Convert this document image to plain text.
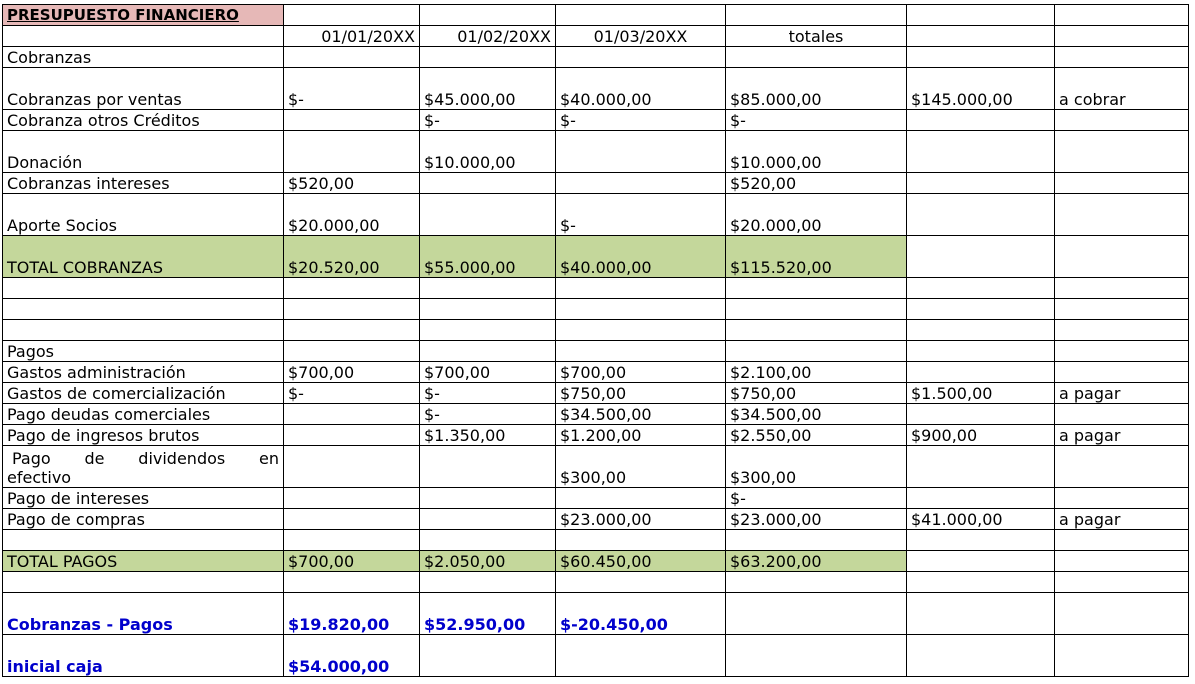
PRESUPUESTO FINANCIERO						
	01/01/20XX	01/02/20XX	01/03/20XX	totales		
Cobranzas						
Cobranzas por ventas	$-	$45.000,00	$40.000,00	$85.000,00	$145.000,00	a cobrar
Cobranza otros Créditos		$-	$-	$-		
Donación		$10.000,00		$10.000,00		
Cobranzas intereses	$520,00			$520,00		
Aporte Socios	$20.000,00		$-	$20.000,00		
TOTAL COBRANZAS	$20.520,00	$55.000,00	$40.000,00	$115.520,00		

Pagos						
Gastos administración	$700,00	$700,00	$700,00	$2.100,00		
Gastos de comercialización	$-	$-	$750,00	$750,00	$1.500,00	a pagar
Pago deudas comerciales		$-	$34.500,00	$34.500,00		
Pago de ingresos brutos		$1.350,00	$1.200,00	$2.550,00	$900,00	a pagar

Pago de dividendos en
efectivo			$300,00	$300,00		
Pago de intereses				$-		
Pago de compras			$23.000,00	$23.000,00	$41.000,00	a pagar

TOTAL PAGOS	$700,00	$2.050,00	$60.450,00	$63.200,00		

Cobranzas - Pagos	$19.820,00	$52.950,00	$-20.450,00			
inicial caja	$54.000,00					
